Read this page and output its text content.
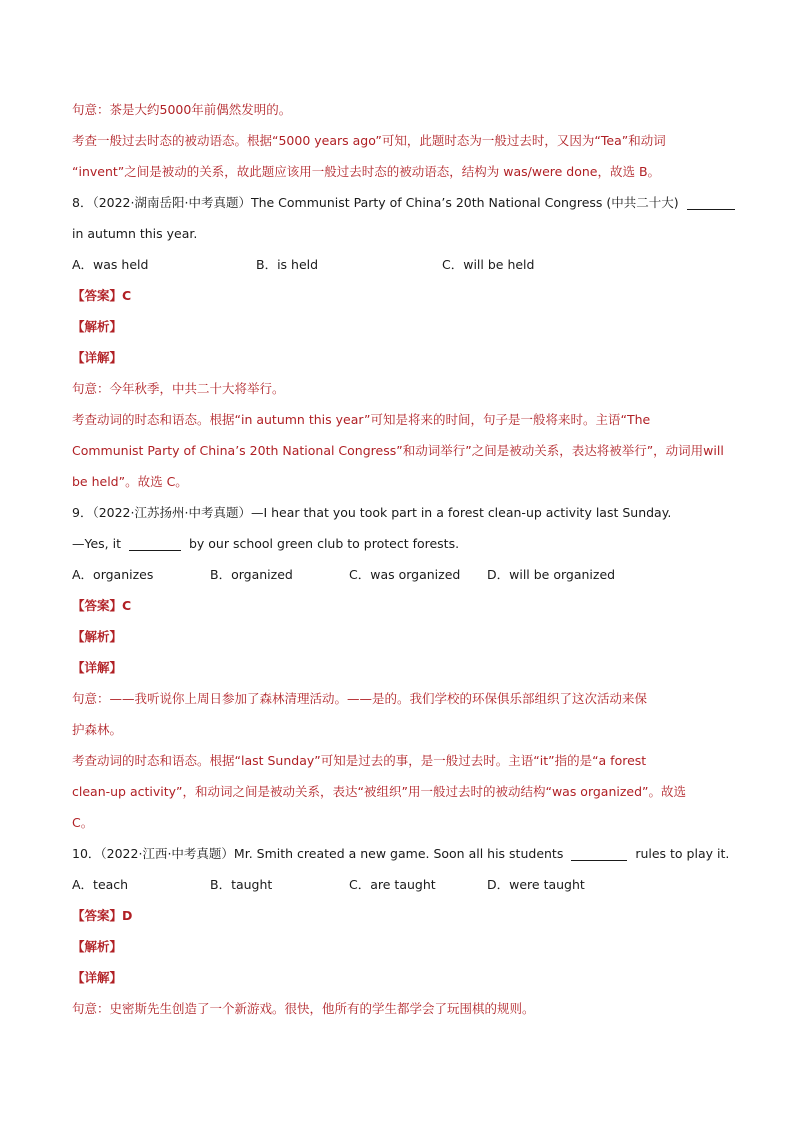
句意：茶是大约5000年前偶然发明的。
考查一般过去时态的被动语态。根据“5000 years ago”可知，此题时态为一般过去时，又因为“Tea”和动词
“invent”之间是被动的关系，故此题应该用一般过去时态的被动语态，结构为 was/were done，故选 B。
8．（2022·湖南岳阳·中考真题）The Communist Party of China’s 20th National Congress (中共二十大)
in autumn this year.
A．was held	B．is held	C．will be held
【答案】C
【解析】
【详解】
句意：今年秋季，中共二十大将举行。
考查动词的时态和语态。根据“in autumn this year”可知是将来的时间，句子是一般将来时。主语“The
Communist Party of China’s 20th National Congress”和动词举行”之间是被动关系，表达将被举行”，动词用will
be held”。故选 C。
9．（2022·江苏扬州·中考真题）—I hear that you took part in a forest clean-up activity last Sunday.
—Yes, it	by our school green club to protect forests.
A．organizes	B．organized	C．was organized	D．will be organized
【答案】C
【解析】
【详解】
句意：——我听说你上周日参加了森林清理活动。——是的。我们学校的环保俱乐部组织了这次活动来保
护森林。
考查动词的时态和语态。根据“last Sunday”可知是过去的事，是一般过去时。主语“it”指的是“a forest
clean-up activity”，和动词之间是被动关系，表达“被组织”用一般过去时的被动结构“was organized”。故选
C。
10．（2022·江西·中考真题）Mr. Smith created a new game. Soon all his students	rules to play it.
A．teach	B．taught	C．are taught	D．were taught
【答案】D
【解析】
【详解】
句意：史密斯先生创造了一个新游戏。很快，他所有的学生都学会了玩围棋的规则。
